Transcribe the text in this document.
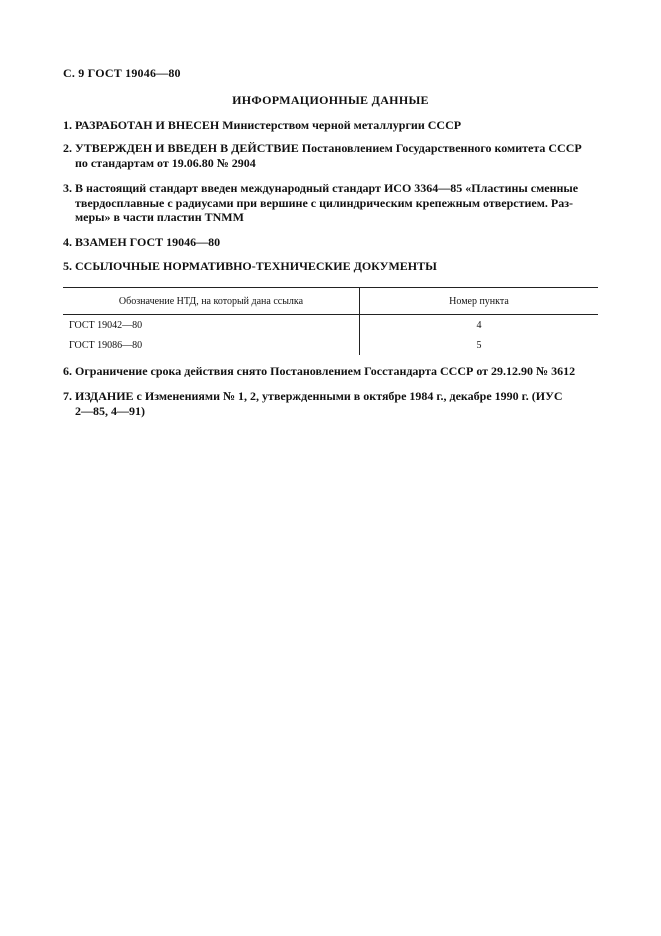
С. 9 ГОСТ 19046—80
ИНФОРМАЦИОННЫЕ ДАННЫЕ
1. РАЗРАБОТАН И ВНЕСЕН Министерством черной металлургии СССР
2. УТВЕРЖДЕН И ВВЕДЕН В ДЕЙСТВИЕ Постановлением Государственного комитета СССР
по стандартам от 19.06.80 № 2904
3. В настоящий стандарт введен международный стандарт ИСО 3364—85 «Пластины сменные
твердосплавные с радиусами при вершине с цилиндрическим крепежным отверстием. Раз-
меры» в части пластин TNMM
4. ВЗАМЕН ГОСТ 19046—80
5. ССЫЛОЧНЫЕ НОРМАТИВНО-ТЕХНИЧЕСКИЕ ДОКУМЕНТЫ
Обозначение НТД, на который дана ссылка	Номер пункта
ГОСТ 19042—80	4
ГОСТ 19086—80	5
6. Ограничение срока действия снято Постановлением Госстандарта СССР от 29.12.90 № 3612
7. ИЗДАНИЕ с Изменениями № 1, 2, утвержденными в октябре 1984 г., декабре 1990 г. (ИУС
2—85, 4—91)
